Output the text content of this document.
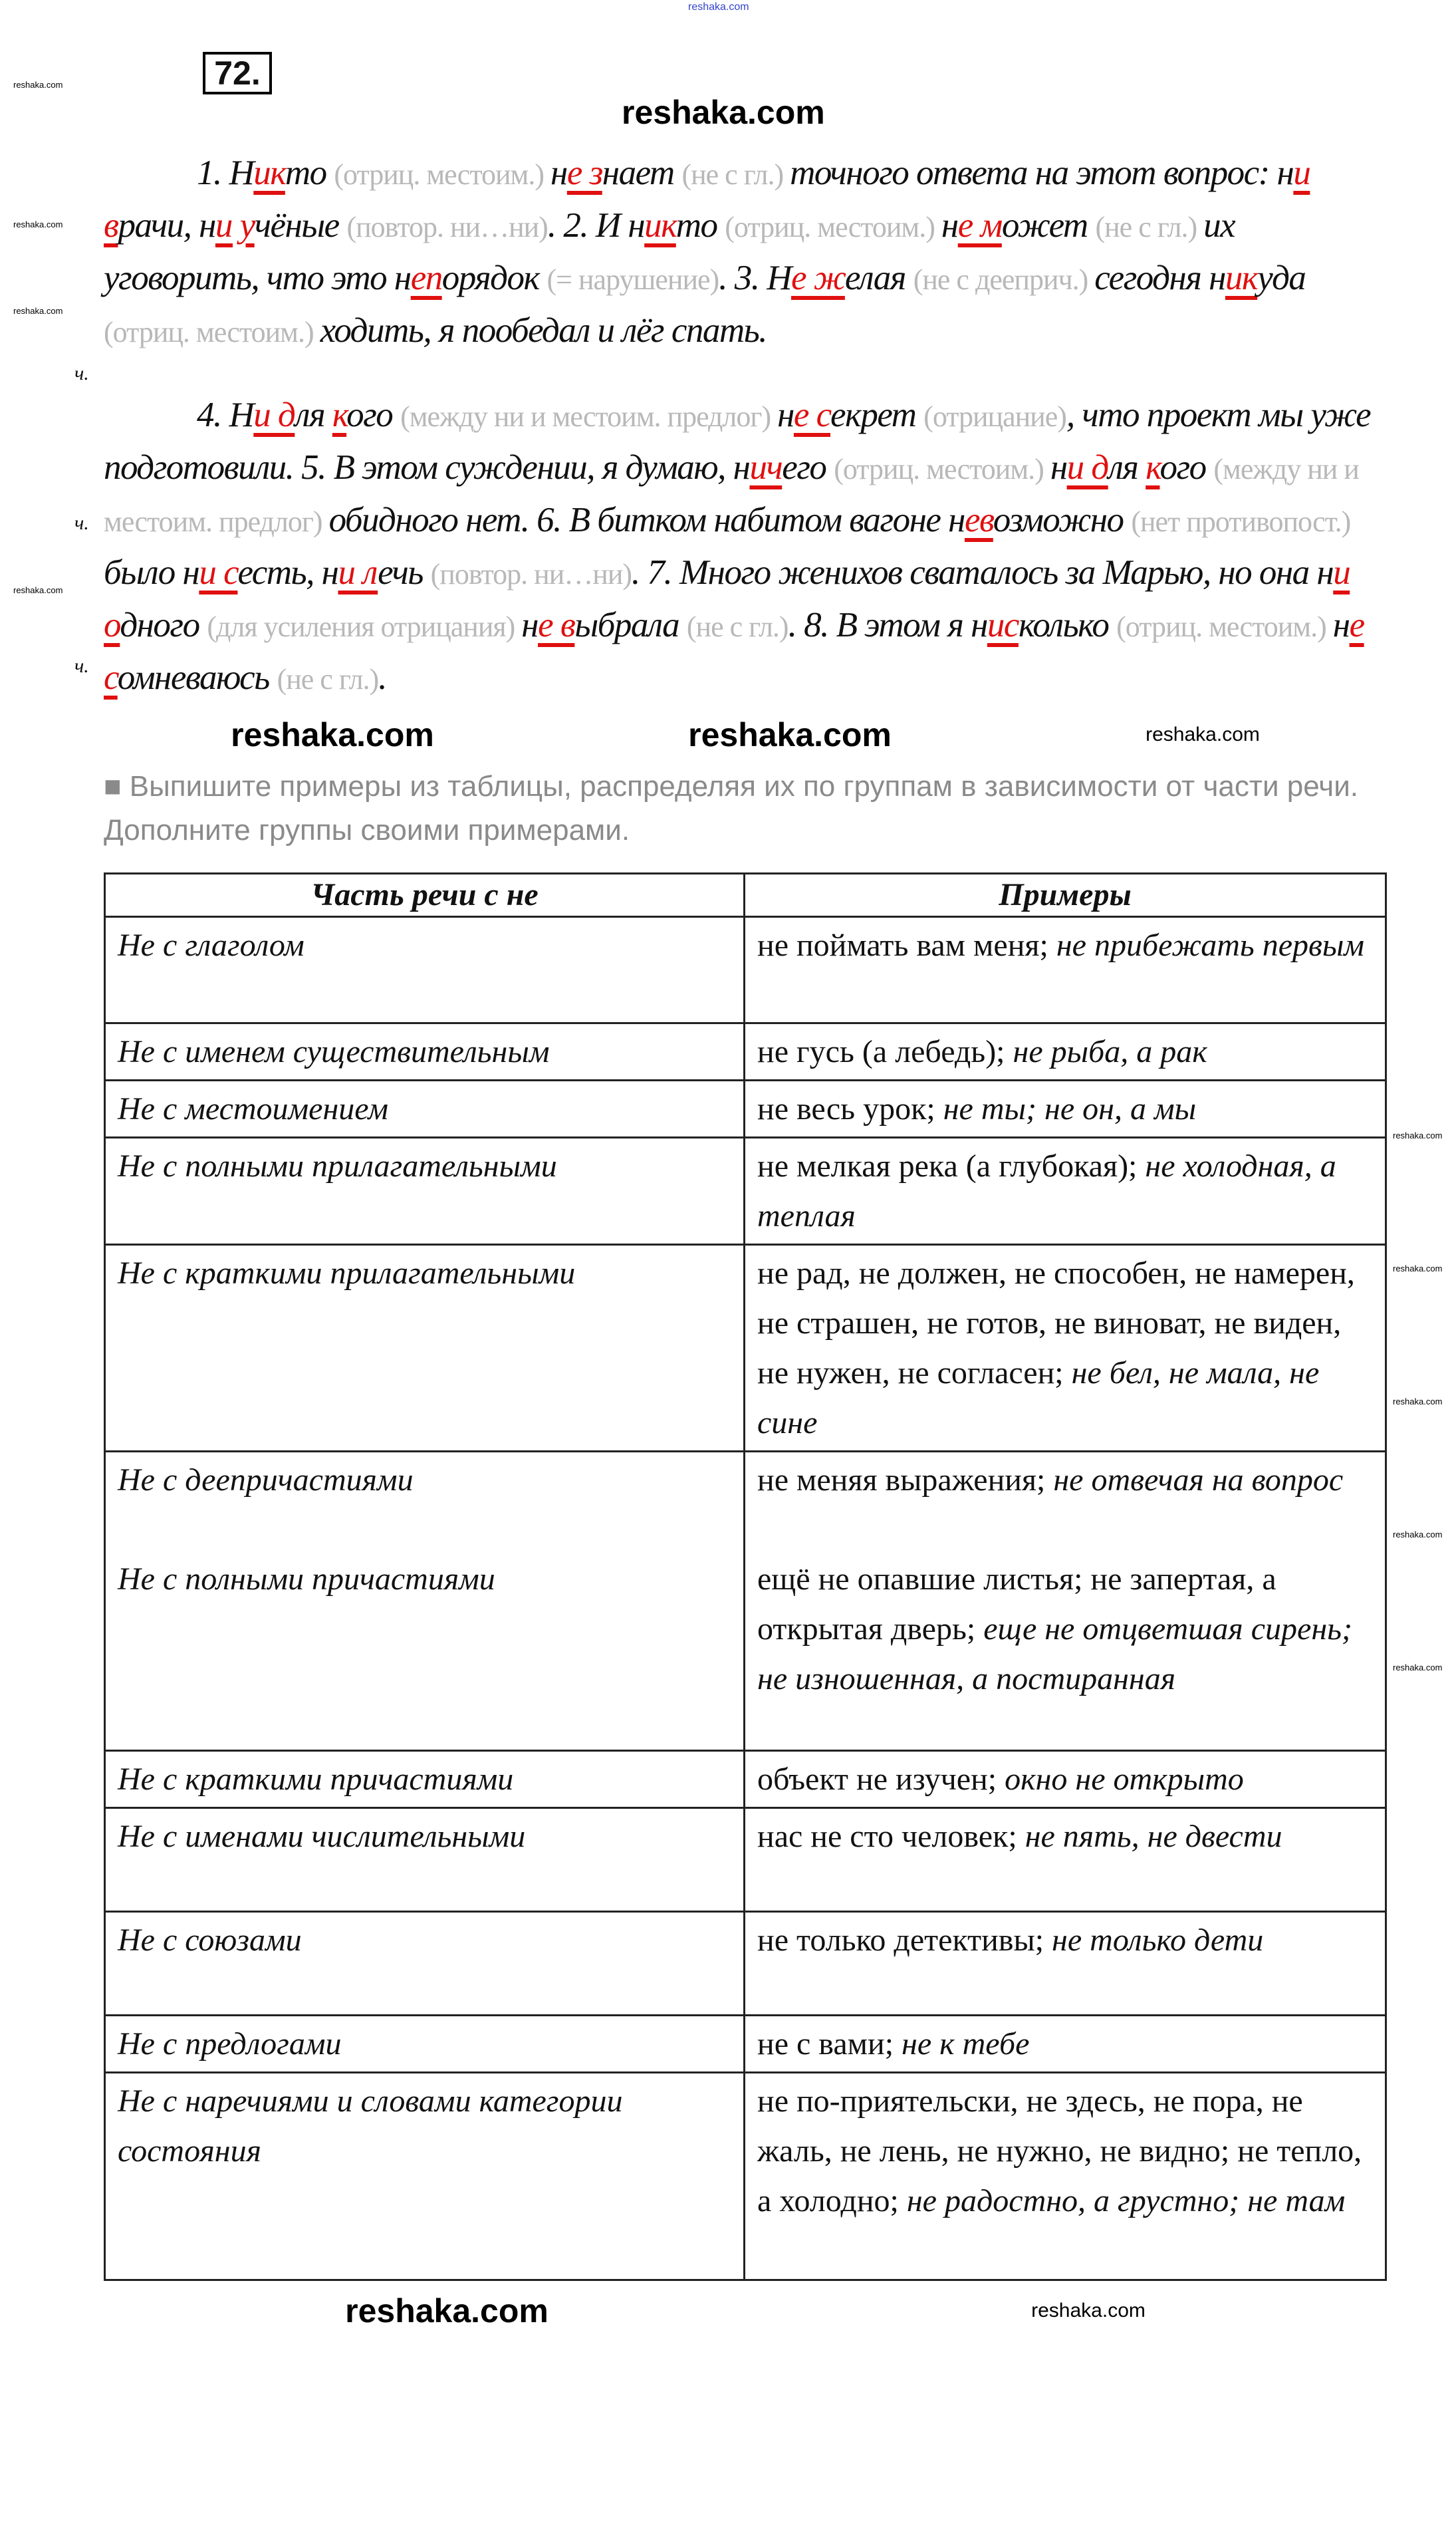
reshaka.com
72.
reshaka.com
ч.
ч.
ч.
1. Никто (отриц. местоим.) не знает (не с гл.) точного ответа на этот вопрос: ни врачи, ни учёные (повтор. ни…ни). 2. И никто (отриц. местоим.) не может (не с гл.) их уговорить, что это непорядок (= нарушение). 3. Не желая (не с дееприч.) сегодня никуда (отриц. местоим.) ходить, я пообедал и лёг спать.
4. Ни для кого (между ни и местоим. предлог) не секрет (отрицание), что проект мы уже подготовили. 5. В этом суждении, я думаю, ничего (отриц. местоим.) ни для кого (между ни и местоим. предлог) обидного нет. 6. В битком набитом вагоне невозможно (нет противопост.) было ни сесть, ни лечь (повтор. ни…ни). 7. Много женихов сваталось за Марью, но она ни одного (для усиления отрицания) не выбрала (не с гл.). 8. В этом я нисколько (отриц. местоим.) не сомневаюсь (не с гл.).
reshaka.com	reshaka.com	reshaka.com
■ Выпишите примеры из таблицы, распределяя их по группам в зависимости от части речи. Дополните группы своими примерами.
Часть речи с не	Примеры
Не с глаголом	не поймать вам меня; не прибежать первым
Не с именем существительным	не гусь (а лебедь); не рыба, а рак
Не с местоимением	не весь урок; не ты; не он, а мы
Не с полными прилагательными	не мелкая река (а глубокая); не холодная, а теплая
Не с краткими прилагательными	не рад, не должен, не способен, не намерен, не страшен, не готов, не виноват, не виден, не нужен, не согласен; не бел, не мала, не сине
Не с деепричастиями	не меняя выражения; не отвечая на вопрос
Не с полными причастиями	ещё не опавшие листья; не запертая, а открытая дверь; еще не отцветшая сирень; не изношенная, а постиранная
Не с краткими причастиями	объект не изучен; окно не открыто
Не с именами числительными	нас не сто человек; не пять, не двести
Не с союзами	не только детективы; не только дети
Не с предлогами	не с вами; не к тебе
Не с наречиями и словами категории состояния	не по-приятельски, не здесь, не пора, не жаль, не лень, не нужно, не видно; не тепло, а холодно; не радостно, а грустно; не там
reshaka.com	reshaka.com
reshaka.com
reshaka.com
reshaka.com
reshaka.com
reshaka.com
reshaka.com
reshaka.com
reshaka.com
reshaka.com
